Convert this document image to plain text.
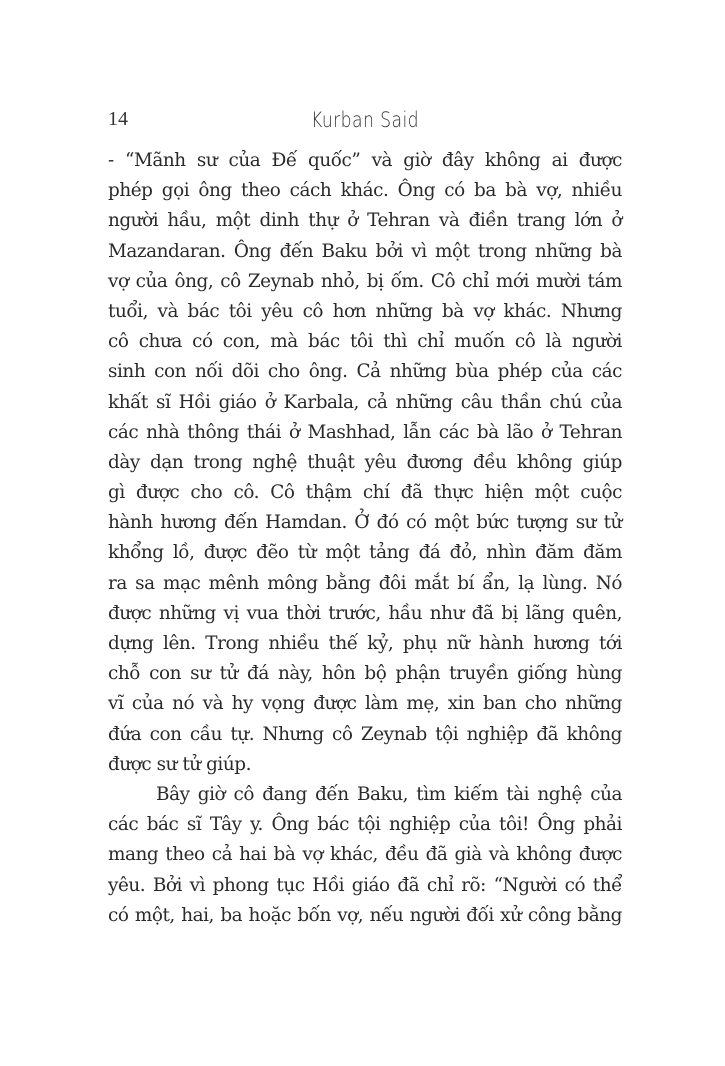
14	Kurban Said
- “Mãnh sư của Đế quốc” và giờ đây không ai được
phép gọi ông theo cách khác. Ông có ba bà vợ, nhiều
người hầu, một dinh thự ở Tehran và điền trang lớn ở
Mazandaran. Ông đến Baku bởi vì một trong những bà
vợ của ông, cô Zeynab nhỏ, bị ốm. Cô chỉ mới mười tám
tuổi, và bác tôi yêu cô hơn những bà vợ khác. Nhưng
cô chưa có con, mà bác tôi thì chỉ muốn cô là người
sinh con nối dõi cho ông. Cả những bùa phép của các
khất sĩ Hồi giáo ở Karbala, cả những câu thần chú của
các nhà thông thái ở Mashhad, lẫn các bà lão ở Tehran
dày dạn trong nghệ thuật yêu đương đều không giúp
gì được cho cô. Cô thậm chí đã thực hiện một cuộc
hành hương đến Hamdan. Ở đó có một bức tượng sư tử
khổng lồ, được đẽo từ một tảng đá đỏ, nhìn đăm đăm
ra sa mạc mênh mông bằng đôi mắt bí ẩn, lạ lùng. Nó
được những vị vua thời trước, hầu như đã bị lãng quên,
dựng lên. Trong nhiều thế kỷ, phụ nữ hành hương tới
chỗ con sư tử đá này, hôn bộ phận truyền giống hùng
vĩ của nó và hy vọng được làm mẹ, xin ban cho những
đứa con cầu tự. Nhưng cô Zeynab tội nghiệp đã không
được sư tử giúp.
Bây giờ cô đang đến Baku, tìm kiếm tài nghệ của
các bác sĩ Tây y. Ông bác tội nghiệp của tôi! Ông phải
mang theo cả hai bà vợ khác, đều đã già và không được
yêu. Bởi vì phong tục Hồi giáo đã chỉ rõ: “Người có thể
có một, hai, ba hoặc bốn vợ, nếu người đối xử công bằng
